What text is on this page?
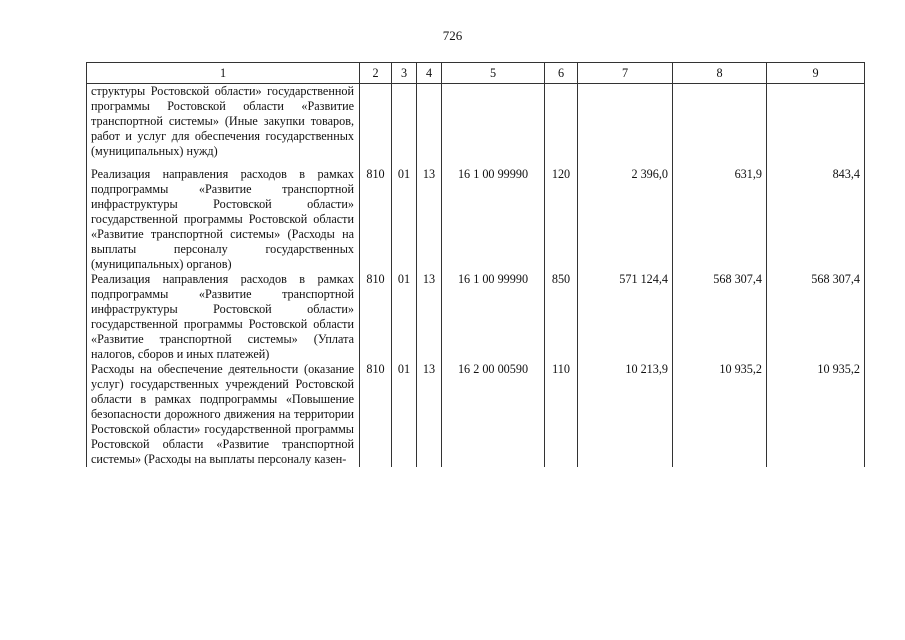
726
1	2	3	4	5	6	7	8	9
структуры Ростовской области» государственной программы Ростовской области «Развитие транспортной системы» (Иные закупки товаров, работ и услуг для обеспечения государственных (муниципальных) нужд)								
Реализация направления расходов в рамках подпрограммы «Развитие транспортной инфраструктуры Ростовской области» государственной программы Ростовской области «Развитие транспортной системы» (Расходы на выплаты персоналу государственных (муниципальных) органов)	810	01	13	16 1 00 99990	120	2 396,0	631,9	843,4
Реализация направления расходов в рамках подпрограммы «Развитие транспортной инфраструктуры Ростовской области» государственной программы Ростовской области «Развитие транспортной системы» (Уплата налогов, сборов и иных платежей)	810	01	13	16 1 00 99990	850	571 124,4	568 307,4	568 307,4
Расходы на обеспечение деятельности (оказание услуг) государственных учреждений Ростовской области в рамках подпрограммы «Повышение безопасности дорожного движения на территории Ростовской области» государственной программы Ростовской области «Развитие транспортной системы» (Расходы на выплаты персоналу казен-	810	01	13	16 2 00 00590	110	10 213,9	10 935,2	10 935,2
